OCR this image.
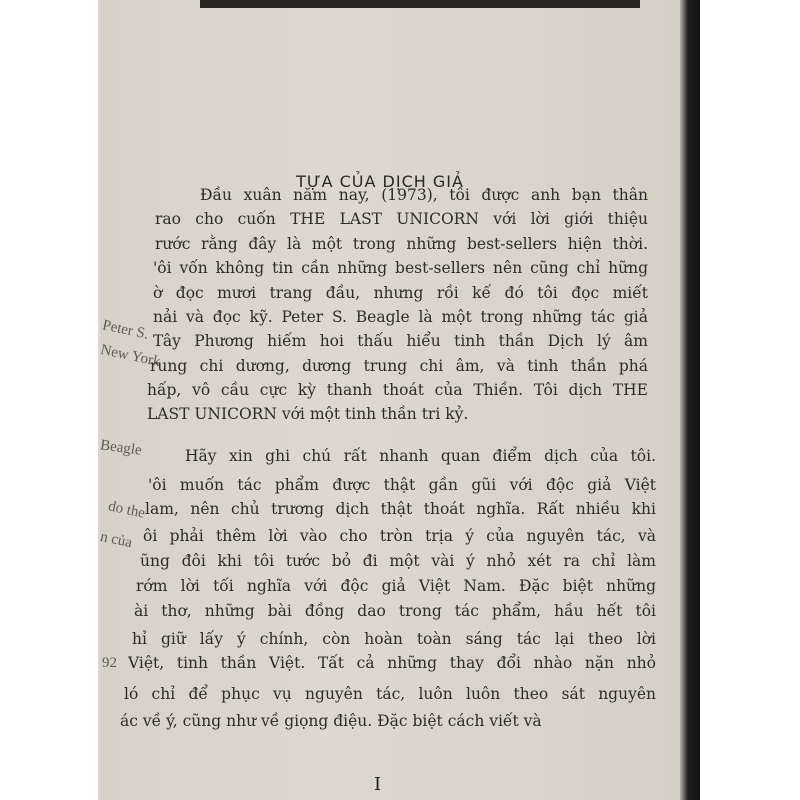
TỰA CỦA DỊCH GIẢ
Đầu xuân năm nay, (1973), tôi được anh bạn thân
rao cho cuốn THE LAST UNICORN với lời giới thiệu
rước rằng đây là một trong những best-sellers hiện thời.
'ôi vốn không tin cần những best-sellers nên cũng chỉ hững
ờ đọc mươi trang đầu, nhưng rồi kế đó tôi đọc miết
nải và đọc kỹ. Peter S. Beagle là một trong những tác giả
Tây Phương hiếm hoi thấu hiểu tinh thần Dịch lý âm
rung chi dương, dương trung chi âm, và tinh thần phá
hấp, vô cầu cực kỳ thanh thoát của Thiền. Tôi dịch THE
LAST UNICORN với một tinh thần tri kỷ.
Hãy xin ghi chú rất nhanh quan điểm dịch của tôi.
'ôi muốn tác phẩm được thật gần gũi với độc giả Việt
lam, nên chủ trương dịch thật thoát nghĩa. Rất nhiều khi
ôi phải thêm lời vào cho tròn trịa ý của nguyên tác, và
ũng đôi khi tôi tước bỏ đi một vài ý nhỏ xét ra chỉ làm
rớm lời tối nghĩa với độc giả Việt Nam. Đặc biệt những
ài thơ, những bài đồng dao trong tác phẩm, hầu hết tôi
hỉ giữ lấy ý chính, còn hoàn toàn sáng tác lại theo lời
Việt, tinh thần Việt. Tất cả những thay đổi nhào nặn nhỏ
ló chỉ để phục vụ nguyên tác, luôn luôn theo sát nguyên
ác về ý, cũng như về giọng điệu. Đặc biệt cách viết và
Peter S.
New York
Beagle
do the
n của
92
I
